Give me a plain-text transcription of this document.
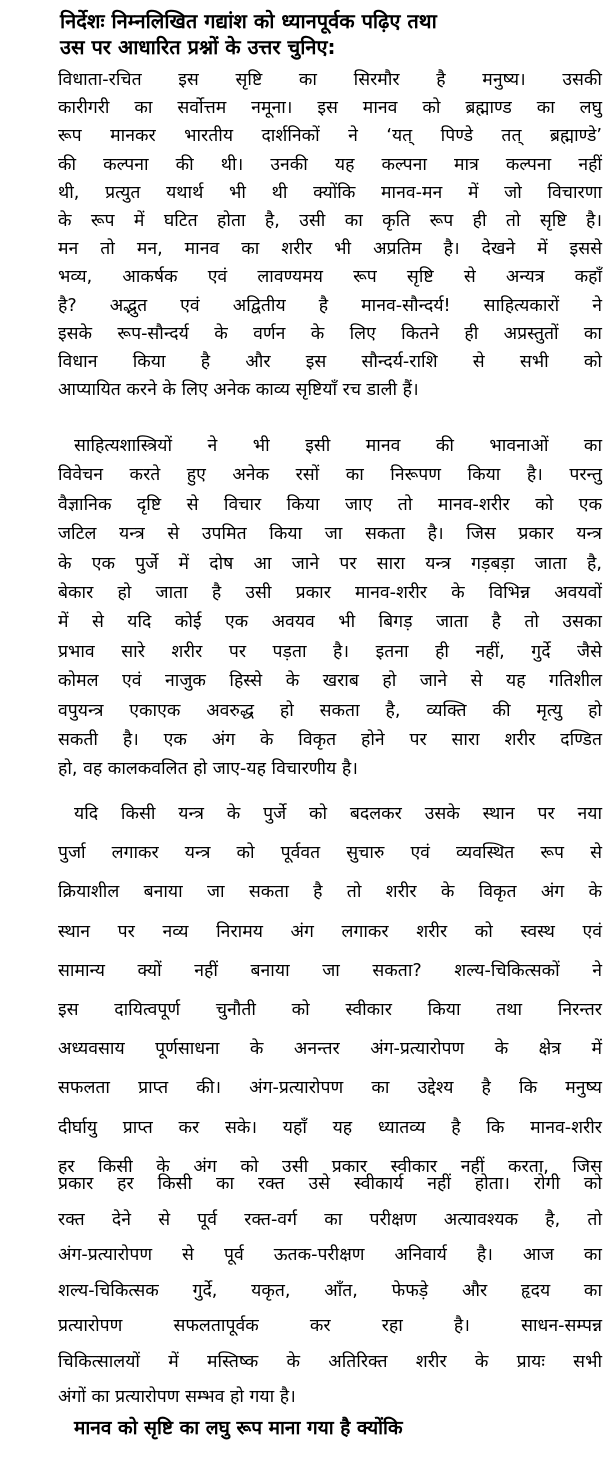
निर्देशः निम्नलिखित गद्यांश को ध्यानपूर्वक पढ़िए तथा
उस पर आधारित प्रश्नों के उत्तर चुनिए:
विधाता-रचित इस सृष्टि का सिरमौर है मनुष्य। उसकी
कारीगरी का सर्वोत्तम नमूना। इस मानव को ब्रह्माण्ड का लघु
रूप मानकर भारतीय दार्शनिकों ने ‘यत् पिण्डे तत् ब्रह्माण्डे’
की कल्पना की थी। उनकी यह कल्पना मात्र कल्पना नहीं
थी, प्रत्युत यथार्थ भी थी क्योंकि मानव-मन में जो विचारणा
के रूप में घटित होता है, उसी का कृति रूप ही तो सृष्टि है।
मन तो मन, मानव का शरीर भी अप्रतिम है। देखने में इससे
भव्य, आकर्षक एवं लावण्यमय रूप सृष्टि से अन्यत्र कहाँ
है? अद्भुत एवं अद्वितीय है मानव-सौन्दर्य! साहित्यकारों ने
इसके रूप-सौन्दर्य के वर्णन के लिए कितने ही अप्रस्तुतों का
विधान किया है और इस सौन्दर्य-राशि से सभी को
आप्यायित करने के लिए अनेक काव्य सृष्टियाँ रच डाली हैं।
साहित्यशास्त्रियों ने भी इसी मानव की भावनाओं का
विवेचन करते हुए अनेक रसों का निरूपण किया है। परन्तु
वैज्ञानिक दृष्टि से विचार किया जाए तो मानव-शरीर को एक
जटिल यन्त्र से उपमित किया जा सकता है। जिस प्रकार यन्त्र
के एक पुर्जे में दोष आ जाने पर सारा यन्त्र गड़बड़ा जाता है,
बेकार हो जाता है उसी प्रकार मानव-शरीर के विभिन्न अवयवों
में से यदि कोई एक अवयव भी बिगड़ जाता है तो उसका
प्रभाव सारे शरीर पर पड़ता है। इतना ही नहीं, गुर्दे जैसे
कोमल एवं नाजुक हिस्से के खराब हो जाने से यह गतिशील
वपुयन्त्र एकाएक अवरुद्ध हो सकता है, व्यक्ति की मृत्यु हो
सकती है। एक अंग के विकृत होने पर सारा शरीर दण्डित
हो, वह कालकवलित हो जाए-यह विचारणीय है।
यदि किसी यन्त्र के पुर्जे को बदलकर उसके स्थान पर नया
पुर्जा लगाकर यन्त्र को पूर्ववत सुचारु एवं व्यवस्थित रूप से
क्रियाशील बनाया जा सकता है तो शरीर के विकृत अंग के
स्थान पर नव्य निरामय अंग लगाकर शरीर को स्वस्थ एवं
सामान्य क्यों नहीं बनाया जा सकता? शल्य-चिकित्सकों ने
इस दायित्वपूर्ण चुनौती को स्वीकार किया तथा निरन्तर
अध्यवसाय पूर्णसाधना के अनन्तर अंग-प्रत्यारोपण के क्षेत्र में
सफलता प्राप्त की। अंग-प्रत्यारोपण का उद्देश्य है कि मनुष्य
दीर्घायु प्राप्त कर सके। यहाँ यह ध्यातव्य है कि मानव-शरीर
हर किसी के अंग को उसी प्रकार स्वीकार नहीं करता, जिस
प्रकार हर किसी का रक्त उसे स्वीकार्य नहीं होता। रोगी को
रक्त देने से पूर्व रक्त-वर्ग का परीक्षण अत्यावश्यक है, तो
अंग-प्रत्यारोपण से पूर्व ऊतक-परीक्षण अनिवार्य है। आज का
शल्य-चिकित्सक गुर्दे, यकृत, आँत, फेफड़े और हृदय का
प्रत्यारोपण सफलतापूर्वक कर रहा है। साधन-सम्पन्न
चिकित्सालयों में मस्तिष्क के अतिरिक्त शरीर के प्रायः सभी
अंगों का प्रत्यारोपण सम्भव हो गया है।
मानव को सृष्टि का लघु रूप माना गया है क्योंकि
